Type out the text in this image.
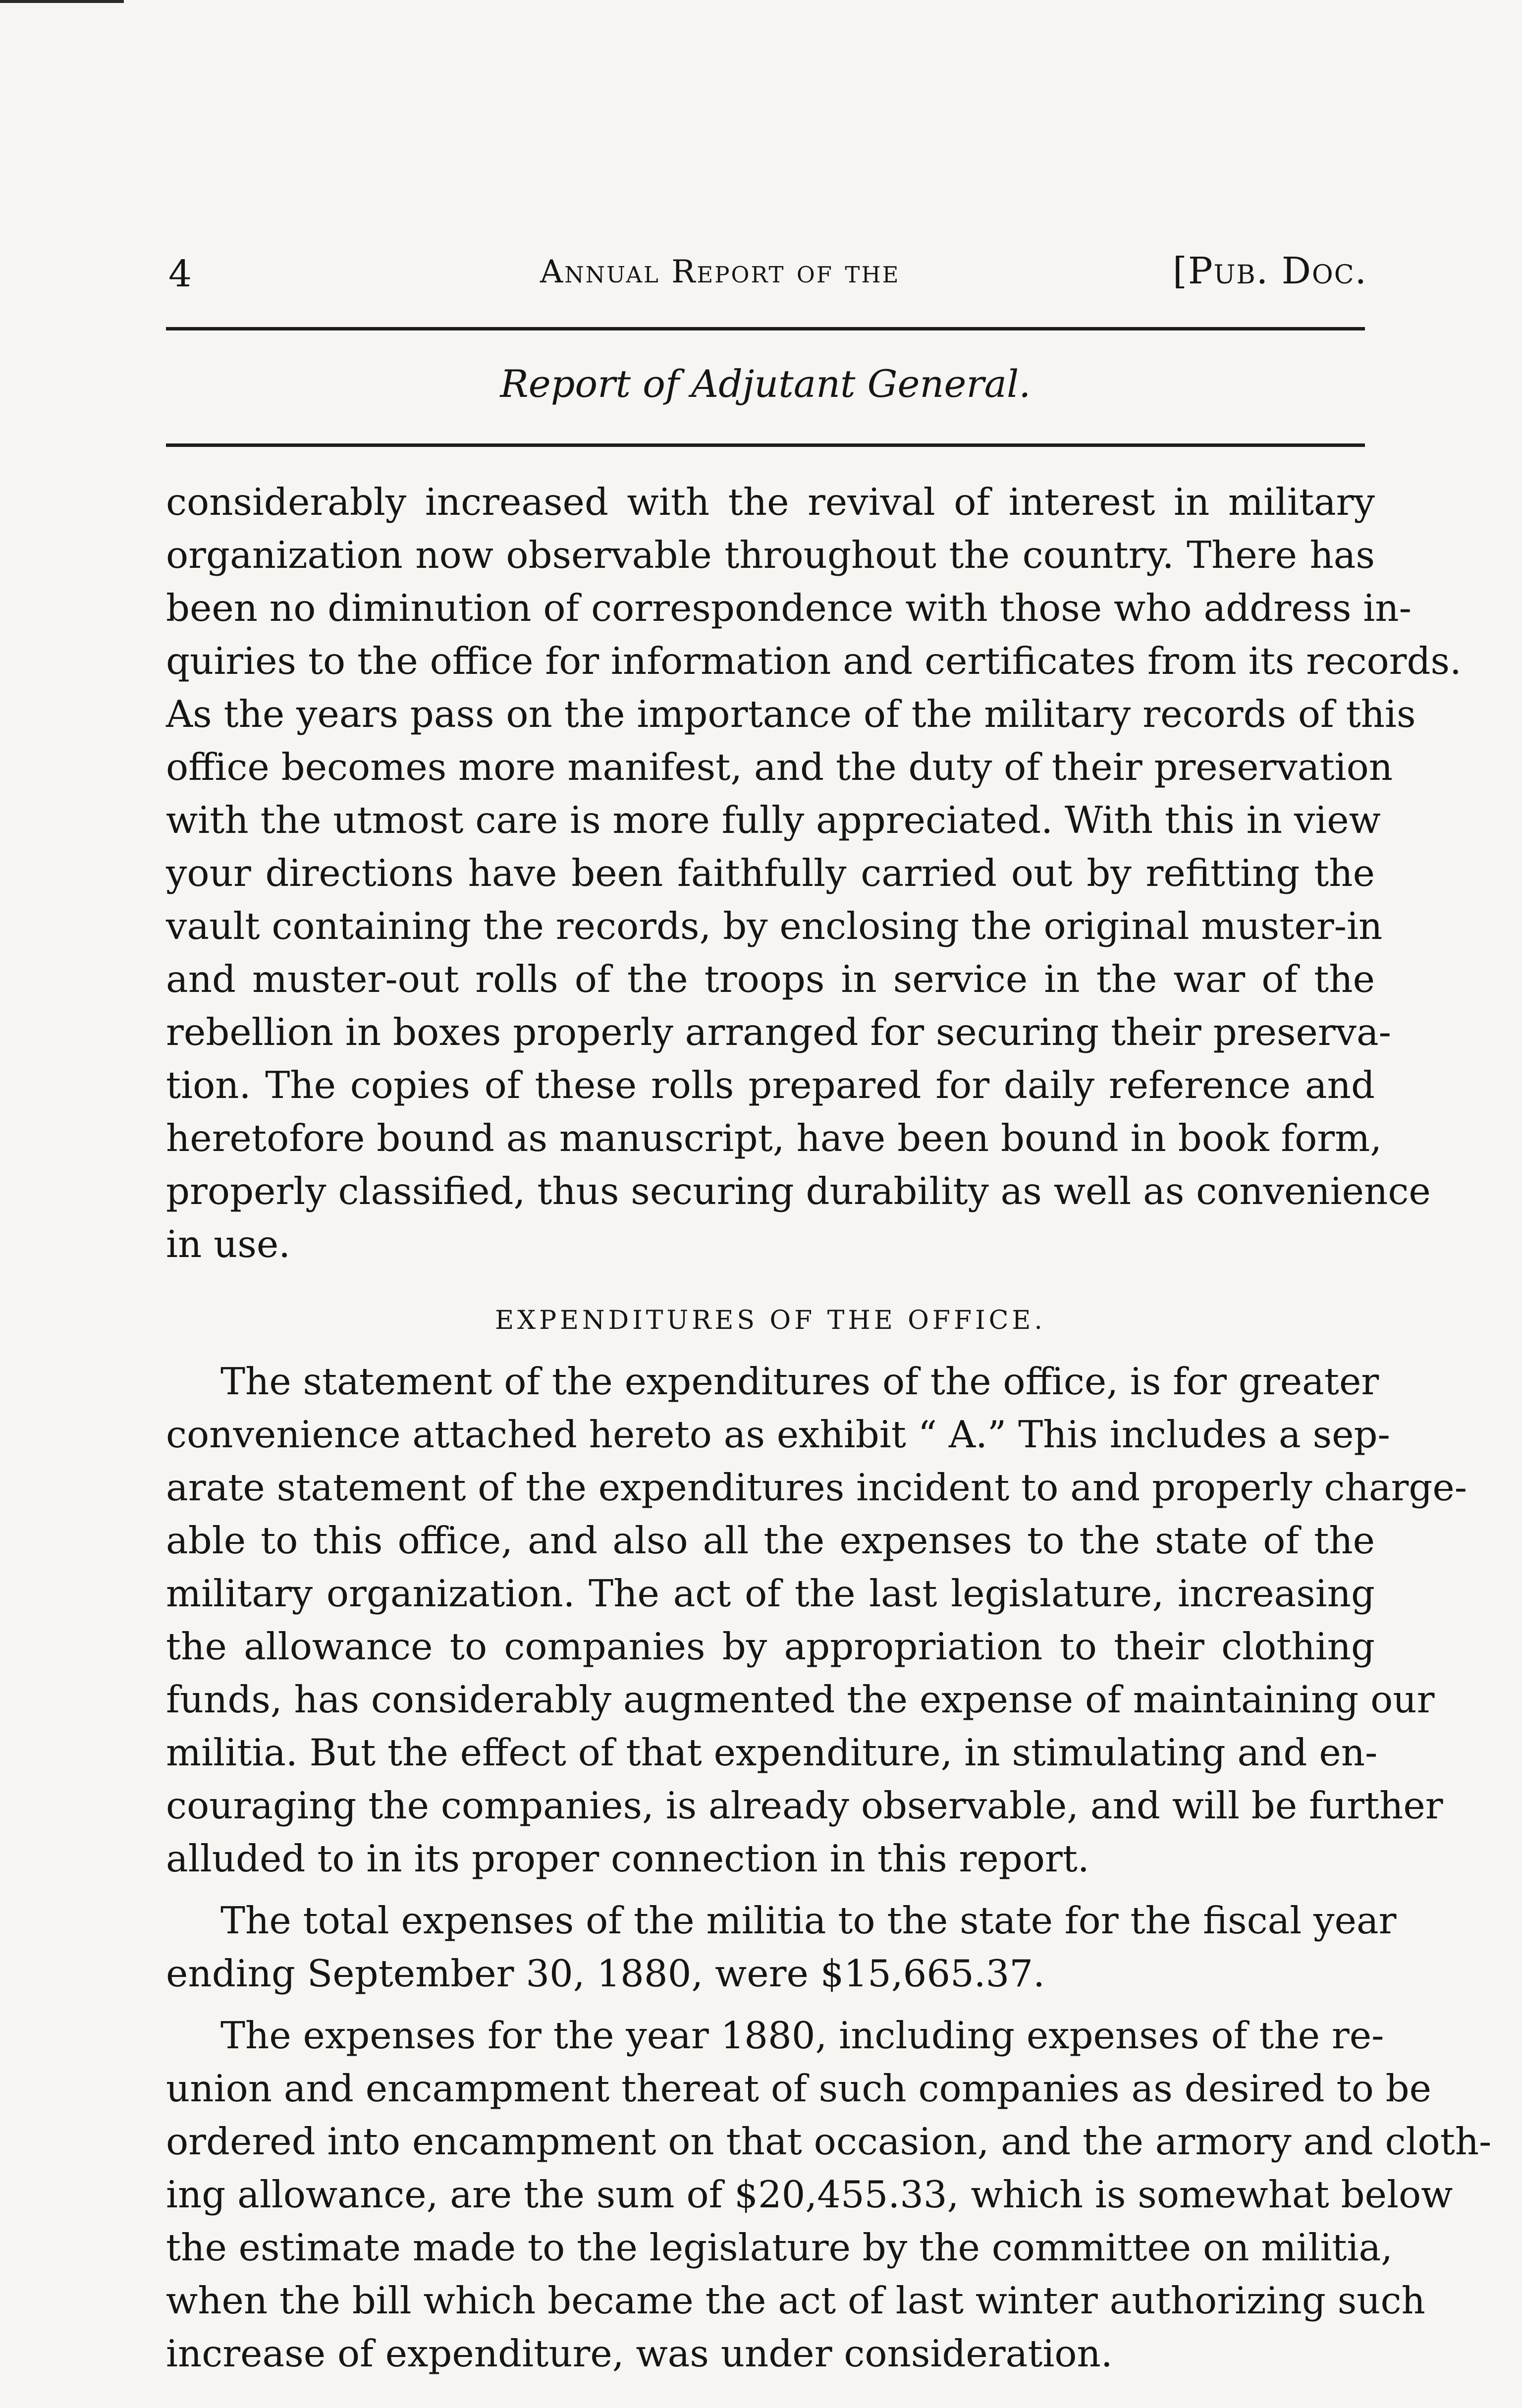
4	Annual Report of the	[Pub. Doc.
Report of Adjutant General.
considerably increased with the revival of interest in military
organization now observable throughout the country. There has
been no diminution of correspondence with those who address in-
quiries to the office for information and certificates from its records.
As the years pass on the importance of the military records of this
office becomes more manifest, and the duty of their preservation
with the utmost care is more fully appreciated. With this in view
your directions have been faithfully carried out by refitting the
vault containing the records, by enclosing the original muster-in
and muster-out rolls of the troops in service in the war of the
rebellion in boxes properly arranged for securing their preserva-
tion. The copies of these rolls prepared for daily reference and
heretofore bound as manuscript, have been bound in book form,
properly classified, thus securing durability as well as convenience
in use.
EXPENDITURES OF THE OFFICE.
The statement of the expenditures of the office, is for greater
convenience attached hereto as exhibit “ A.” This includes a sep-
arate statement of the expenditures incident to and properly charge-
able to this office, and also all the expenses to the state of the
military organization. The act of the last legislature, increasing
the allowance to companies by appropriation to their clothing
funds, has considerably augmented the expense of maintaining our
militia. But the effect of that expenditure, in stimulating and en-
couraging the companies, is already observable, and will be further
alluded to in its proper connection in this report.
The total expenses of the militia to the state for the fiscal year
ending September 30, 1880, were $15,665.37.
The expenses for the year 1880, including expenses of the re-
union and encampment thereat of such companies as desired to be
ordered into encampment on that occasion, and the armory and cloth-
ing allowance, are the sum of $20,455.33, which is somewhat below
the estimate made to the legislature by the committee on militia,
when the bill which became the act of last winter authorizing such
increase of expenditure, was under consideration.
